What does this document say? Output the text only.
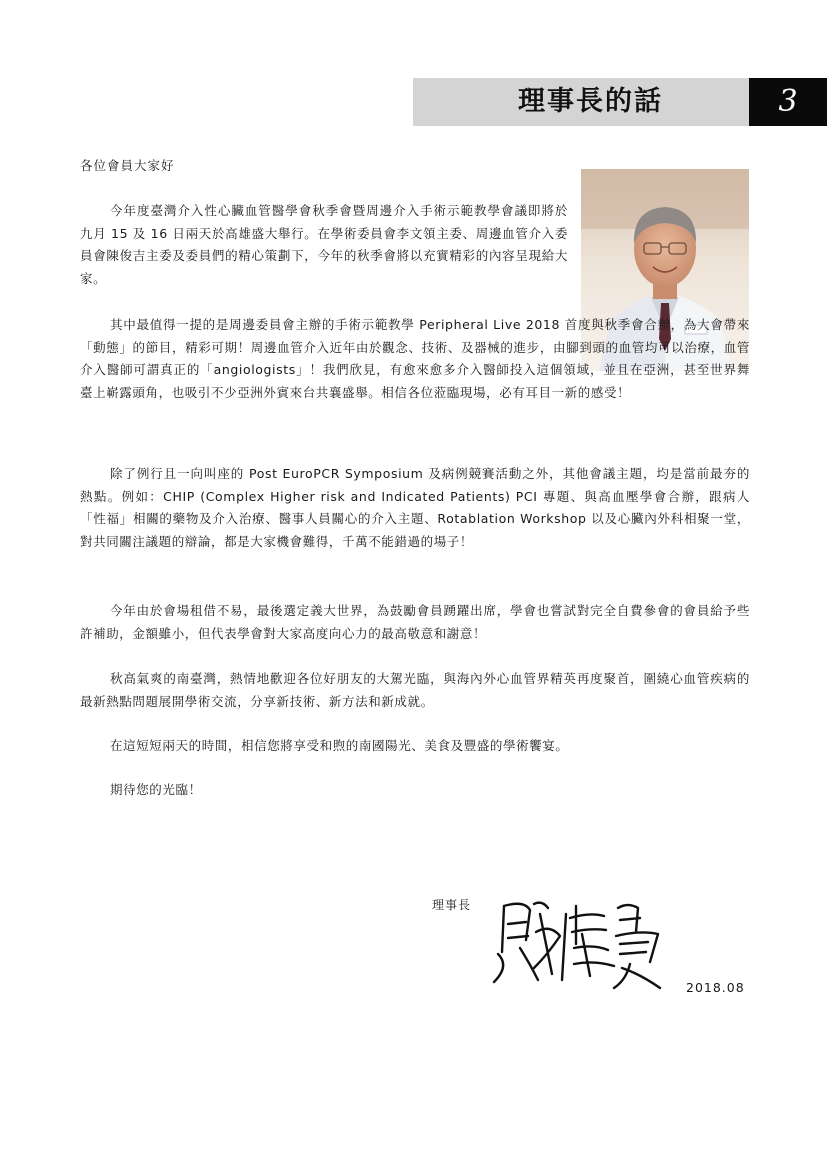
理事長的話	3
各位會員大家好

今年度臺灣介入性心臟血管醫學會秋季會暨周邊介入手術示範教學會議即將於九月 15 及 16 日兩天於高雄盛大舉行。在學術委員會李文領主委、周邊血管介入委員會陳俊吉主委及委員們的精心策劃下，今年的秋季會將以充實精彩的內容呈現給大家。

其中最值得一提的是周邊委員會主辦的手術示範教學 Peripheral Live 2018 首度與秋季會合辦，為大會帶來「動態」的節目，精彩可期！周邊血管介入近年由於觀念、技術、及器械的進步，由腳到頭的血管均可以治療，血管介入醫師可謂真正的「angiologists」！我們欣見，有愈來愈多介入醫師投入這個領域，並且在亞洲，甚至世界舞臺上嶄露頭角，也吸引不少亞洲外賓來台共襄盛舉。相信各位蒞臨現場，必有耳目一新的感受！

除了例行且一向叫座的 Post EuroPCR Symposium 及病例競賽活動之外，其他會議主題，均是當前最夯的熱點。例如：CHIP (Complex Higher risk and Indicated Patients) PCI 專題、與高血壓學會合辦，跟病人「性福」相關的藥物及介入治療、醫事人員關心的介入主題、Rotablation Workshop 以及心臟內外科相聚一堂，對共同關注議題的辯論，都是大家機會難得，千萬不能錯過的場子！

今年由於會場租借不易，最後選定義大世界，為鼓勵會員踴躍出席，學會也嘗試對完全自費參會的會員給予些許補助，金額雖小，但代表學會對大家高度向心力的最高敬意和謝意！

秋高氣爽的南臺灣，熱情地歡迎各位好朋友的大駕光臨，與海內外心血管界精英再度聚首，圍繞心血管疾病的最新熱點問題展開學術交流，分享新技術、新方法和新成就。

在這短短兩天的時間，相信您將享受和煦的南國陽光、美食及豐盛的學術饗宴。

期待您的光臨！

理事長
2018.08
